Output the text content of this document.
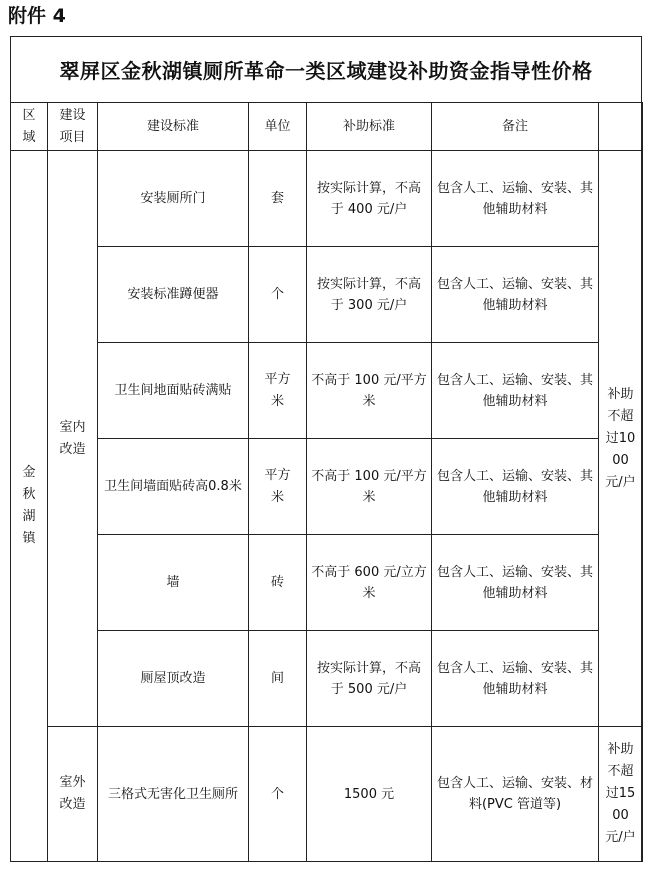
附件 4
翠屏区金秋湖镇厕所革命一类区域建设补助资金指导性价格
区域	建设项目	建设标准	单位	补助标准	备注	
金秋湖镇	室内改造	安装厕所门	套	按实际计算，不高于 400 元/户	包含人工、运输、安装、其他辅助材料	补助不超过1000元/户
		安装标准蹲便器	个	按实际计算，不高于 300 元/户	包含人工、运输、安装、其他辅助材料	
		卫生间地面贴砖满贴	平方米	不高于 100 元/平方米	包含人工、运输、安装、其他辅助材料	
		卫生间墙面贴砖高0.8米	平方米	不高于 100 元/平方米	包含人工、运输、安装、其他辅助材料	
		墙	砖	不高于 600 元/立方米	包含人工、运输、安装、其他辅助材料	
		厕屋顶改造	间	按实际计算，不高于 500 元/户	包含人工、运输、安装、其他辅助材料	
	室外改造	三格式无害化卫生厕所	个	1500 元	包含人工、运输、安装、材料(PVC 管道等)	补助不超过1500元/户
